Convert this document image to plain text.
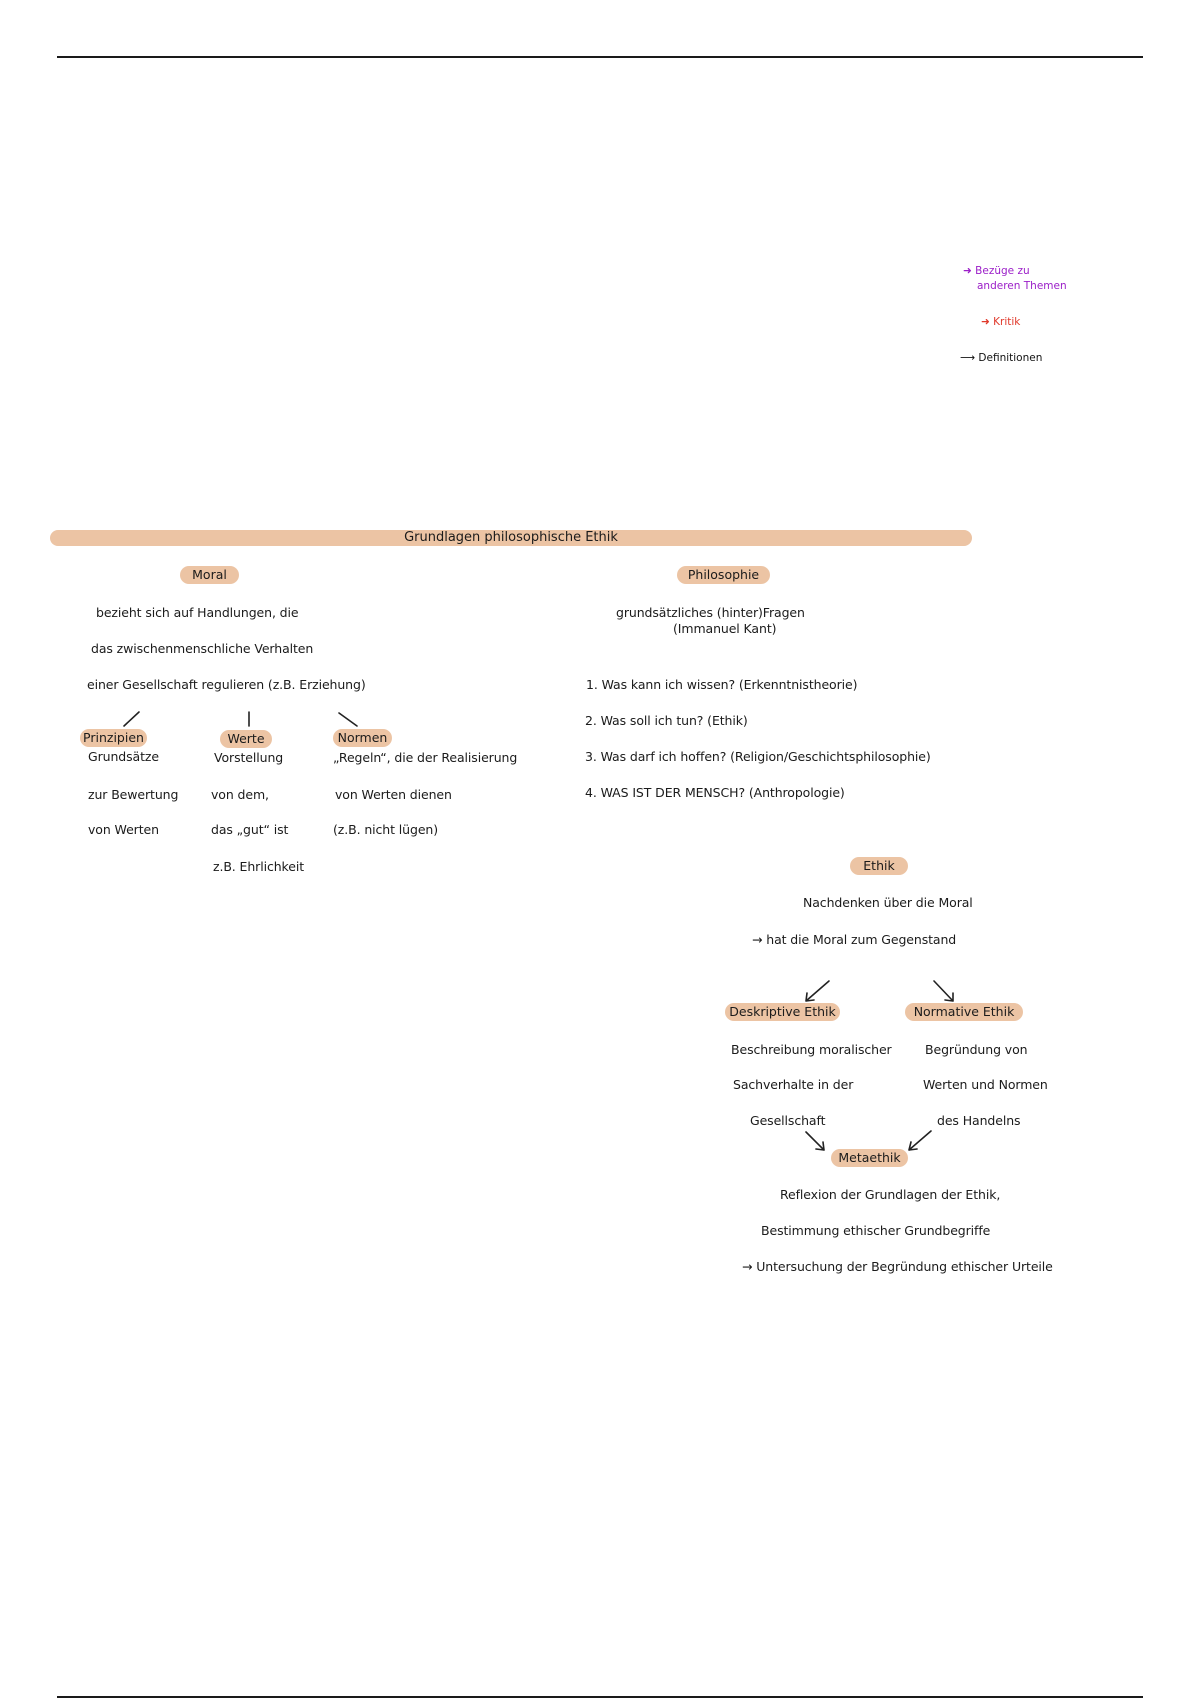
➜ Bezüge zu
anderen Themen
➜ Kritik
⟶ Definitionen
Grundlagen philosophische Ethik
Moral
bezieht sich auf Handlungen, die
das zwischenmenschliche Verhalten
einer Gesellschaft regulieren (z.B. Erziehung)
Prinzipien
Grundsätze
zur Bewertung
von Werten
Werte
Vorstellung
von dem,
das „gut“ ist
z.B. Ehrlichkeit
Normen
„Regeln“, die der Realisierung
von Werten dienen
(z.B. nicht lügen)
Philosophie
grundsätzliches (hinter)Fragen
(Immanuel Kant)
1. Was kann ich wissen? (Erkenntnistheorie)
2. Was soll ich tun? (Ethik)
3. Was darf ich hoffen? (Religion/Geschichtsphilosophie)
4. WAS IST DER MENSCH? (Anthropologie)
Ethik
Nachdenken über die Moral
→ hat die Moral zum Gegenstand
Deskriptive Ethik
Beschreibung moralischer
Sachverhalte in der
Gesellschaft
Normative Ethik
Begründung von
Werten und Normen
des Handelns
Metaethik
Reflexion der Grundlagen der Ethik,
Bestimmung ethischer Grundbegriffe
→ Untersuchung der Begründung ethischer Urteile
